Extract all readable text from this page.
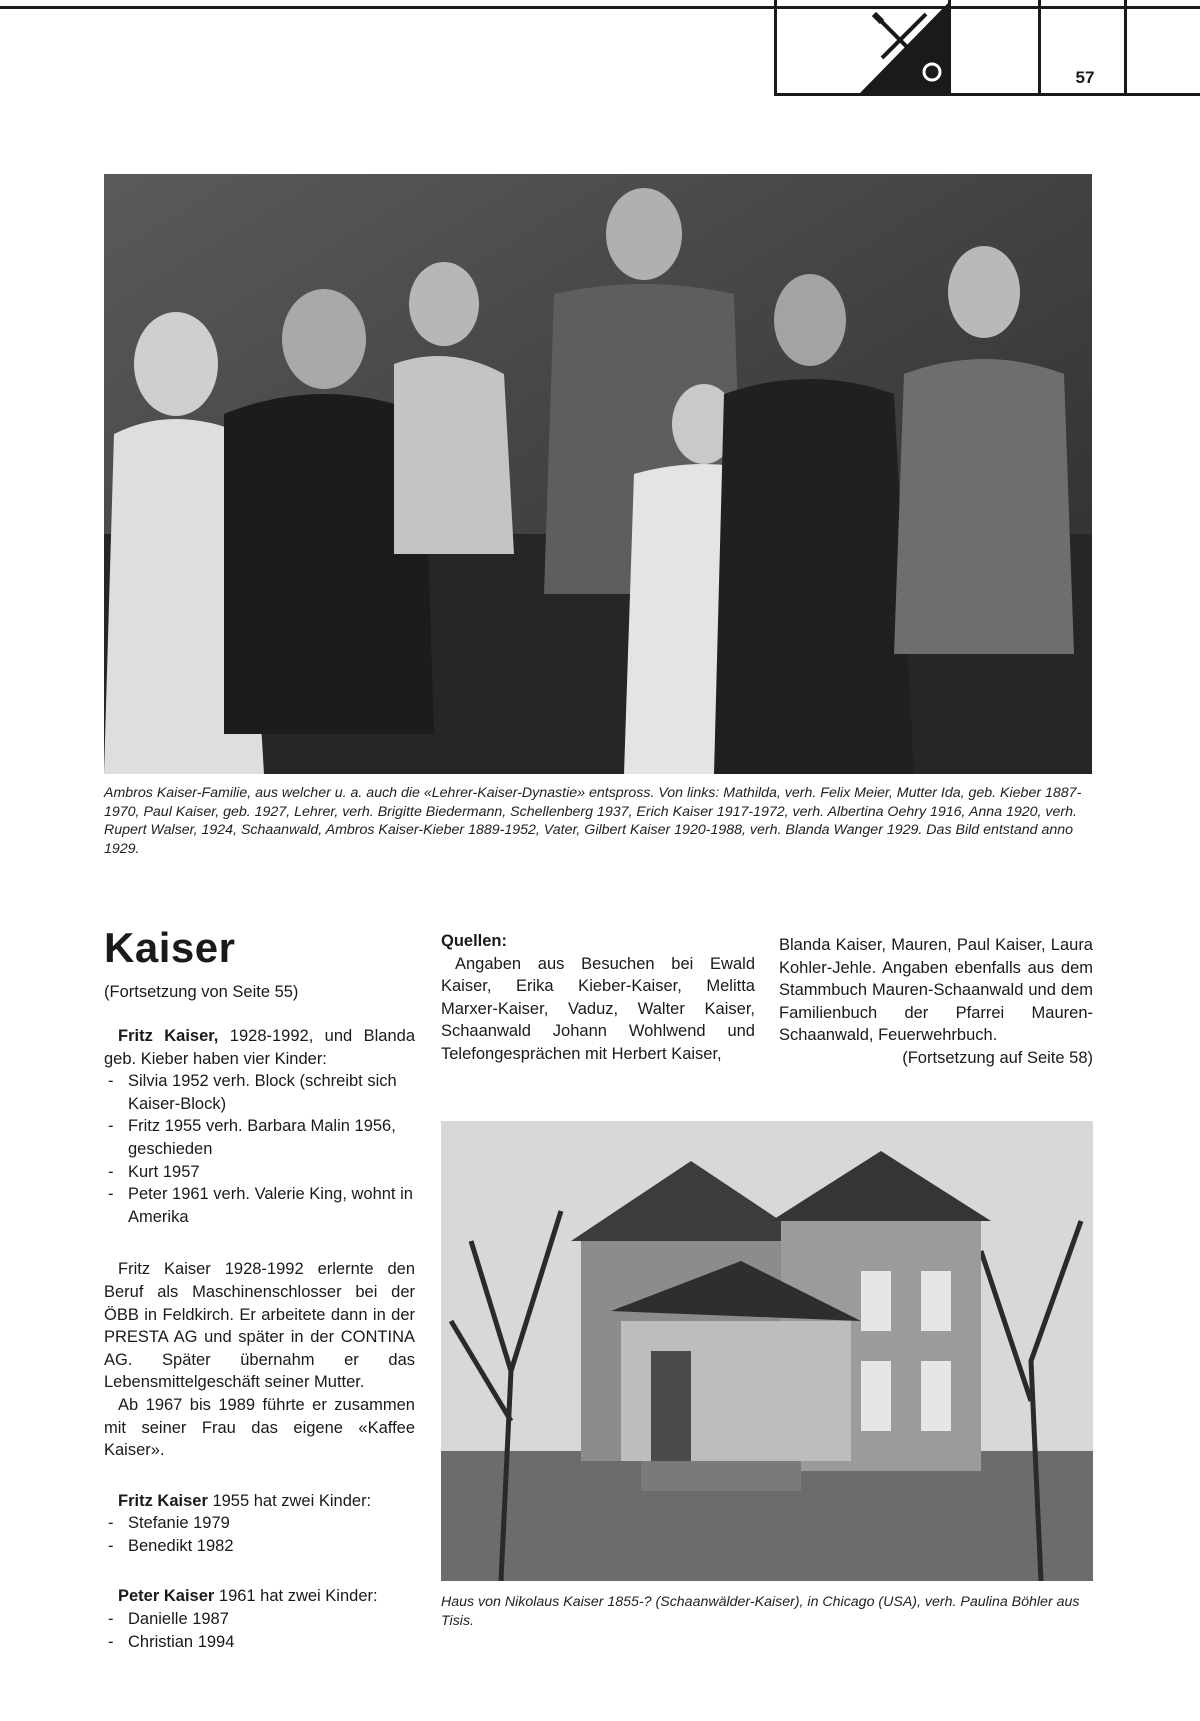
57
Ambros Kaiser-Familie, aus welcher u. a. auch die «Lehrer-Kaiser-Dynastie» entspross. Von links: Mathilda, verh. Felix Meier, Mutter Ida, geb. Kieber 1887-1970, Paul Kaiser, geb. 1927, Lehrer, verh. Brigitte Biedermann, Schellenberg 1937, Erich Kaiser 1917-1972, verh. Albertina Oehry 1916, Anna 1920, verh. Rupert Walser, 1924, Schaanwald, Ambros Kaiser-Kieber 1889-1952, Vater, Gilbert Kaiser 1920-1988, verh. Blanda Wanger 1929. Das Bild entstand anno 1929.
Kaiser

(Fortsetzung von Seite 55)

Fritz Kaiser, 1928-1992, und Blanda geb. Kieber haben vier Kinder:

- Silvia 1952 verh. Block (schreibt sich Kaiser-Block)
- Fritz 1955 verh. Barbara Malin 1956, geschieden
- Kurt 1957
- Peter 1961 verh. Valerie King, wohnt in Amerika

Fritz Kaiser 1928-1992 erlernte den Beruf als Maschinenschlosser bei der ÖBB in Feldkirch. Er arbeitete dann in der PRESTA AG und später in der CONTINA AG. Später übernahm er das Lebensmittelgeschäft seiner Mutter.

Ab 1967 bis 1989 führte er zusammen mit seiner Frau das eigene «Kaffee Kaiser».

Fritz Kaiser 1955 hat zwei Kinder:

- Stefanie 1979
- Benedikt 1982

Peter Kaiser 1961 hat zwei Kinder:

- Danielle 1987
- Christian 1994

Quellen:

Angaben aus Besuchen bei Ewald Kaiser, Erika Kieber-Kaiser, Melitta Marxer-Kaiser, Vaduz, Walter Kaiser, Schaanwald Johann Wohlwend und Telefongesprächen mit Herbert Kaiser,

Blanda Kaiser, Mauren, Paul Kaiser, Laura Kohler-Jehle. Angaben ebenfalls aus dem Stammbuch Mauren-Schaanwald und dem Familienbuch der Pfarrei Mauren-Schaanwald, Feuerwehrbuch.

(Fortsetzung auf Seite 58)

Haus von Nikolaus Kaiser 1855-? (Schaanwälder-Kaiser), in Chicago (USA), verh. Paulina Böhler aus Tisis.
